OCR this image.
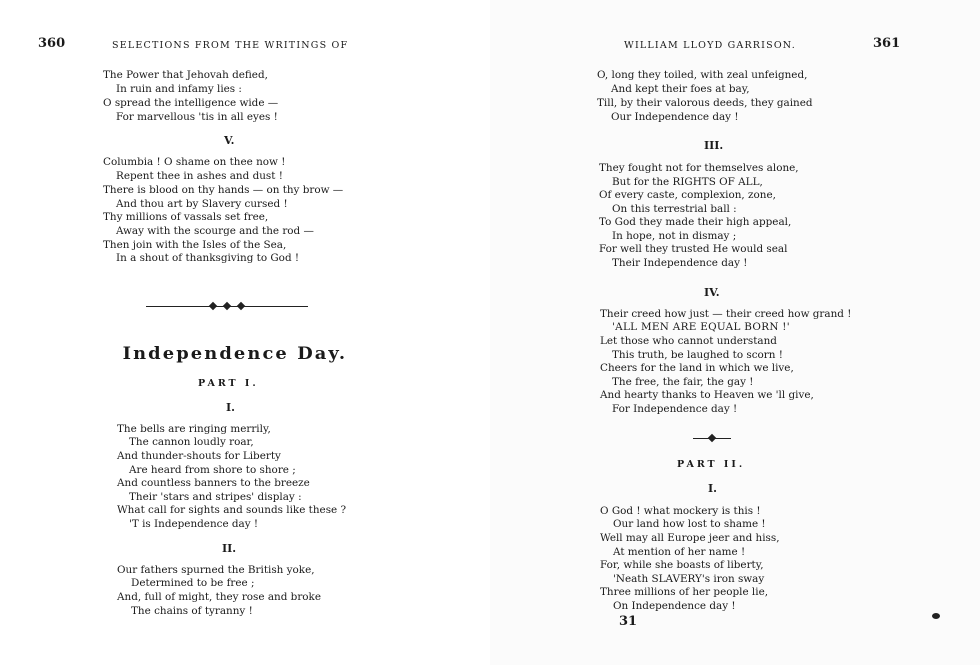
360	SELECTIONS FROM THE WRITINGS OF
The Power that Jehovah defied,
In ruin and infamy lies :
O spread the intelligence wide —
For marvellous 'tis in all eyes !
V.
Columbia ! O shame on thee now !
Repent thee in ashes and dust !
There is blood on thy hands — on thy brow —
And thou art by Slavery cursed !
Thy millions of vassals set free,
Away with the scourge and the rod —
Then join with the Isles of the Sea,
In a shout of thanksgiving to God !
Independence Day.
PART I.
I.
The bells are ringing merrily,
The cannon loudly roar,
And thunder-shouts for Liberty
Are heard from shore to shore ;
And countless banners to the breeze
Their 'stars and stripes' display :
What call for sights and sounds like these ?
'T is Independence day !
II.
Our fathers spurned the British yoke,
Determined to be free ;
And, full of might, they rose and broke
The chains of tyranny !
WILLIAM LLOYD GARRISON.	361
O, long they toiled, with zeal unfeigned,
And kept their foes at bay,
Till, by their valorous deeds, they gained
Our Independence day !
III.
They fought not for themselves alone,
But for the RIGHTS OF ALL,
Of every caste, complexion, zone,
On this terrestrial ball :
To God they made their high appeal,
In hope, not in dismay ;
For well they trusted He would seal
Their Independence day !
IV.
Their creed how just — their creed how grand !
'ALL MEN ARE EQUAL BORN !'
Let those who cannot understand
This truth, be laughed to scorn !
Cheers for the land in which we live,
The free, the fair, the gay !
And hearty thanks to Heaven we 'll give,
For Independence day !
PART II.
I.
O God ! what mockery is this !
Our land how lost to shame !
Well may all Europe jeer and hiss,
At mention of her name !
For, while she boasts of liberty,
'Neath SLAVERY's iron sway
Three millions of her people lie,
On Independence day !
31
